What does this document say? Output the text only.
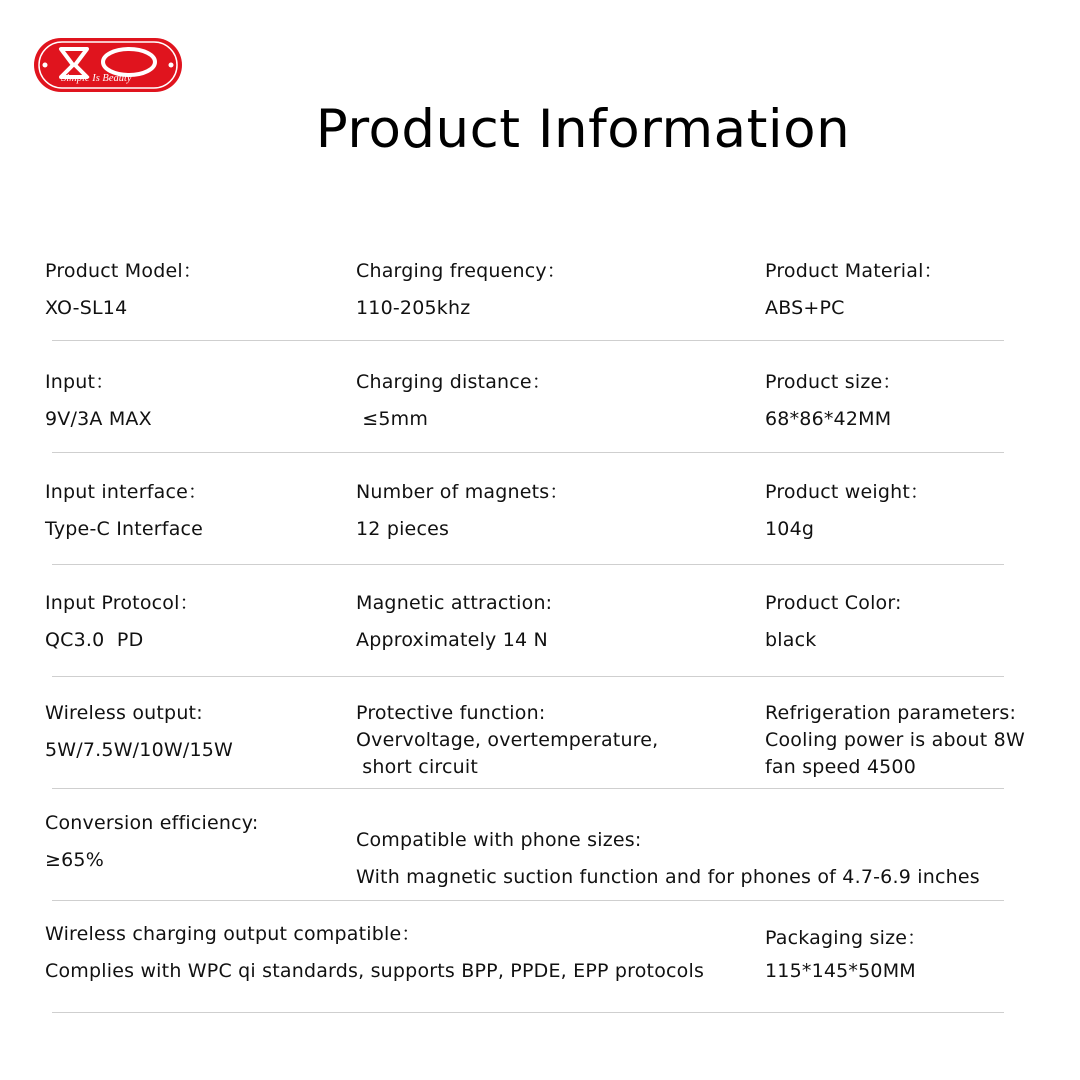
Simple Is Beauty
Product Information
Product Model：
XO-SL14
Charging frequency：
110-205khz
Product Material：
ABS+PC
Input：
9V/3A MAX
Charging distance：
≤5mm
Product size：
68*86*42MM
Input interface：
Type-C Interface
Number of magnets：
12 pieces
Product weight：
104g
Input Protocol：
QC3.0  PD
Magnetic attraction:
Approximately 14 N
Product Color:
black
Wireless output:
5W/7.5W/10W/15W
Protective function:
Overvoltage, overtemperature,
short circuit
Refrigeration parameters:
Cooling power is about 8W
fan speed 4500
Conversion efficiency:
≥65%
Compatible with phone sizes:
With magnetic suction function and for phones of 4.7-6.9 inches
Wireless charging output compatible：
Complies with WPC qi standards, supports BPP, PPDE, EPP protocols
Packaging size：
115*145*50MM
